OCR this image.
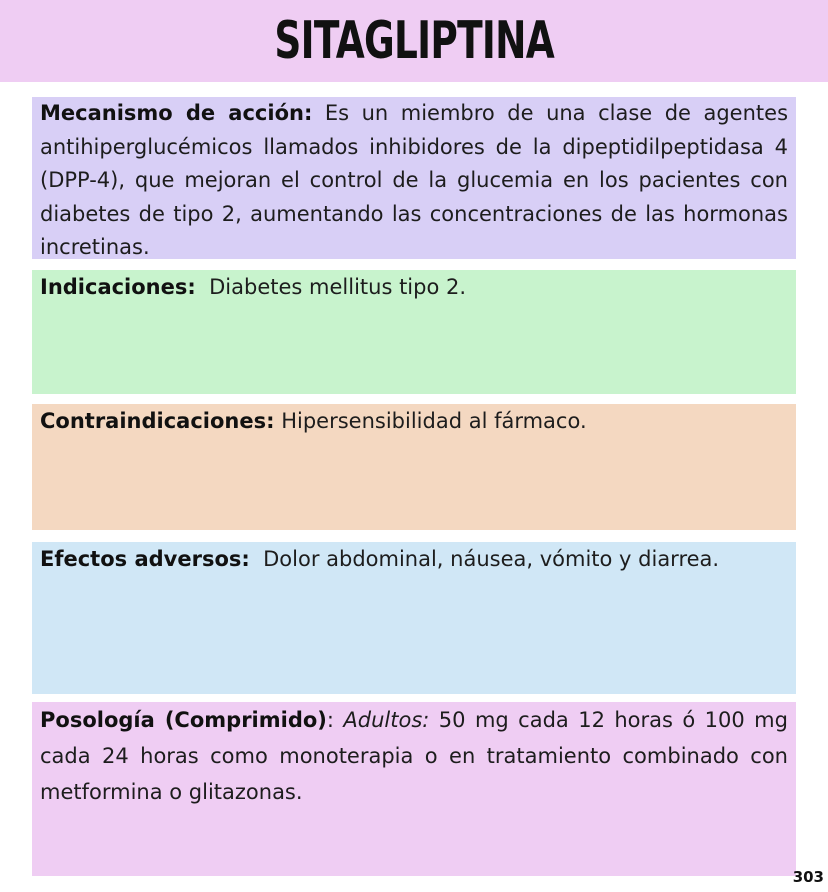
SITAGLIPTINA

Mecanismo de acción: Es un miembro de una clase de agentes antihiperglucémicos llamados inhibidores de la dipeptidilpeptidasa 4 (DPP-4), que mejoran el control de la glucemia en los pacientes con diabetes de tipo 2, aumentando las concentraciones de las hormonas incretinas.

Indicaciones:  Diabetes mellitus tipo 2.

Contraindicaciones: Hipersensibilidad al fármaco.

Efectos adversos:  Dolor abdominal, náusea, vómito y diarrea.

Posología (Comprimido): Adultos: 50 mg cada 12 horas ó 100 mg cada 24 horas como monoterapia o en tratamiento combinado con metformina o glitazonas.

303
